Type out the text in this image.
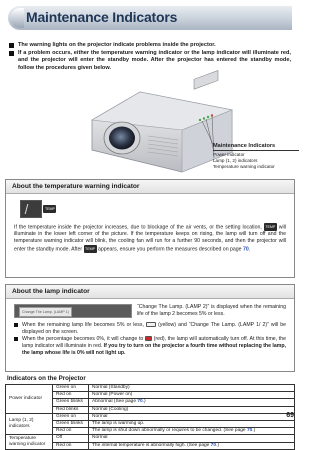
Maintenance Indicators
The warning lights on the projector indicate problems inside the projector.
If a problem occurs, either the temperature warning indicator or the lamp indicator will illuminate red, and the projector will enter the standby mode. After the projector has entered the standby mode, follow the procedures given below.
Maintenance Indicators
Power indicator
Lamp (1, 2) indicators
Temperature warning indicator
About the temperature warning indicator
TEMP
If the temperature inside the projector increases, due to blockage of the air vents, or the setting location, TEMP will illuminate in the lower left corner of the picture. If the temperature keeps on rising, the lamp will turn off and the temperature warning indicator will blink, the cooling fan will run for a further 90 seconds, and then the projector will enter the standby mode. After TEMP appears, ensure you perform the measures described on page 70.
About the lamp indicator
Change The Lamp. (LAMP 1)
“Change The Lamp. (LAMP 2)” is displayed when the remaining life of the lamp 2 becomes 5% or less.
When the remaining lamp life becomes 5% or less,	(yellow) and “Change The Lamp. (LAMP 1/ 2)” will be displayed on the screen.
When the percentage becomes 0%, it will change to (red), the lamp will automatically turn off. At this time, the lamp indicator will illuminate in red. If you try to turn on the projector a fourth time without replacing the lamp, the lamp whose life is 0% will not light up.
Indicators on the Projector
Power indicator	Green on	Normal (Standby)
	Red on	Normal (Power on)
	Green blinks	Abnormal (See page 70.)
	Red blinks	Normal (Cooling)
Lamp (1, 2) indicators	Green on	Normal
	Green blinks	The lamp is warming up.
	Red on	The lamp is shut down abnormally or requires to be changed. (See page 70.)
Temperature warning indicator	Off	Normal
	Red on	The internal temperature is abnormally high. (See page 70.)
69
